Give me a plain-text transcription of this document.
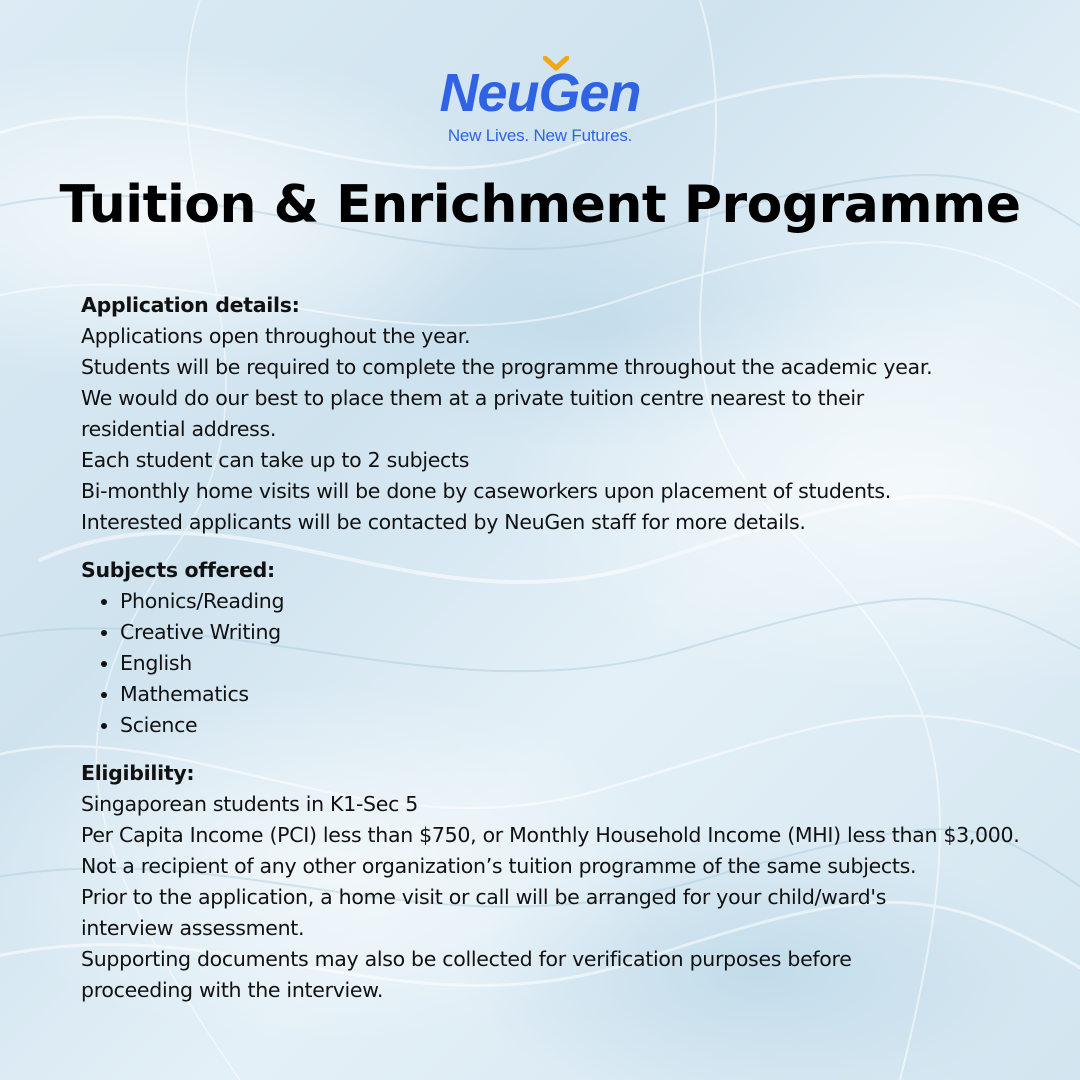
NeuGen
New Lives. New Futures.
Tuition & Enrichment Programme

Application details:

Applications open throughout the year.

Students will be required to complete the programme throughout the academic year.

We would do our best to place them at a private tuition centre nearest to their residential address.

Each student can take up to 2 subjects

Bi-monthly home visits will be done by caseworkers upon placement of students.

Interested applicants will be contacted by NeuGen staff for more details.

Subjects offered:

• Phonics/Reading
• Creative Writing
• English
• Mathematics
• Science

Eligibility:

Singaporean students in K1-Sec 5

Per Capita Income (PCI) less than $750, or Monthly Household Income (MHI) less than $3,000.

Not a recipient of any other organization’s tuition programme of the same subjects.

Prior to the application, a home visit or call will be arranged for your child/ward's interview assessment.

Supporting documents may also be collected for verification purposes before proceeding with the interview.
